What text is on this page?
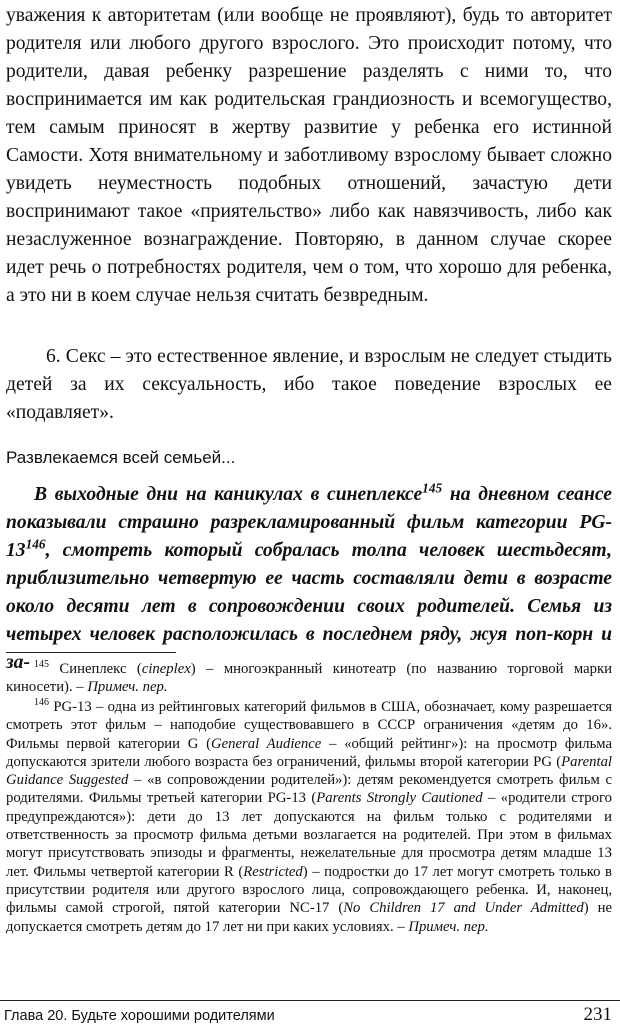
уважения к авторитетам (или вообще не проявляют), будь то авторитет родителя или любого другого взрослого. Это происходит потому, что родители, давая ребенку разрешение разделять с ними то, что воспринимается им как родительская грандиозность и всемогущество, тем самым приносят в жертву развитие у ребенка его истинной Самости. Хотя внимательному и заботливому взрослому бывает сложно увидеть неуместность подобных отношений, зачастую дети воспринимают такое «приятельство» либо как навязчивость, либо как незаслуженное вознаграждение. Повторяю, в данном случае скорее идет речь о потребностях родителя, чем о том, что хорошо для ребенка, а это ни в коем случае нельзя считать безвредным.

6. Секс – это естественное явление, и взрослым не следует стыдить детей за их сексуальность, ибо такое поведение взрослых ее «подавляет».

Развлекаемся всей семьей...

В выходные дни на каникулах в синеплексе$^{145}$ на дневном сеансе показывали страшно разрекламированный фильм категории $PG-13^{146}$, смотреть который собралась толпа человек шестьдесят, приблизительно четвертую ее часть составляли дети в возрасте около десяти лет в сопровождении своих родителей. Семья из четырех человек расположилась в последнем ряду, жуя поп-корн и за- $^{145}$ Синеплекс (cineplex) – многоэкранный кинотеатр (по названию торговой марки киносети). – Примеч. пер.

$^{146}$ PG-13 – одна из рейтинговых категорий фильмов в США, обозначает, кому разрешается смотреть этот фильм – наподобие существовавшего в СССР ограничения «детям до 16». Фильмы первой категории G (General Audience – «общий рейтинг»): на просмотр фильма допускаются зрители любого возраста без ограничений, фильмы второй категории PG (Parental Guidance Suggested – «в сопровождении родителей»): детям рекомендуется смотреть фильм с родителями. Фильмы третьей категории PG-13 (Parents Strongly Cautioned – «родители строго предупреждаются»): дети до 13 лет допускаются на фильм только с родителями и ответственность за просмотр фильма детьми возлагается на родителей. При этом в фильмах могут присутствовать эпизоды и фрагменты, нежелательные для просмотра детям младше 13 лет. Фильмы четвертой категории R (Restricted) – подростки до 17 лет могут смотреть только в присутствии родителя или другого взрослого лица, сопровождающего ребенка. И, наконец, фильмы самой строгой, пятой категории NC-17 (No Children 17 and Under Admitted) не допускается смотреть детям до 17 лет ни при каких условиях. – Примеч. пер.

Глава 20. Будьте хорошими родителями	231
